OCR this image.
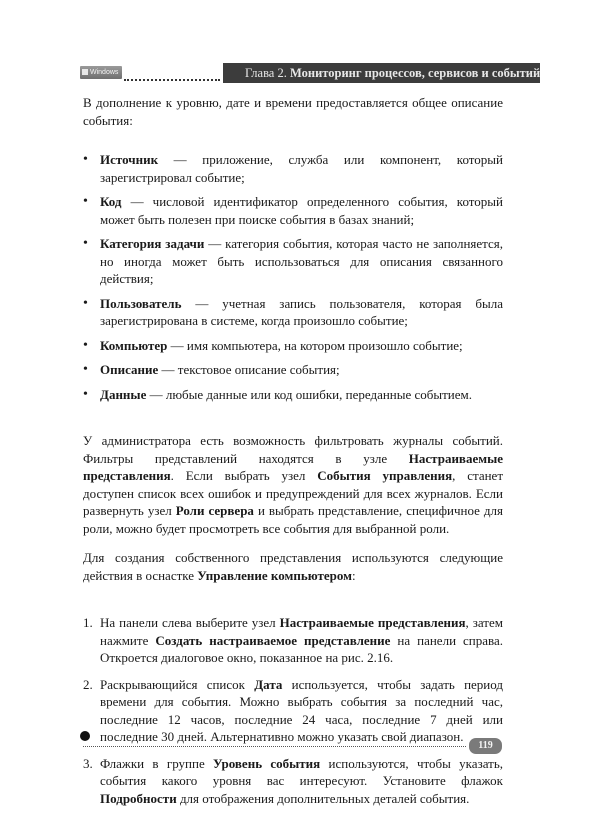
Windows	Глава 2. Мониторинг процессов, сервисов и событий

В дополнение к уровню, дате и времени предоставляется общее описание события:

• Источник — приложение, служба или компонент, который зарегистрировал событие;
• Код — числовой идентификатор определенного события, который может быть полезен при поиске события в базах знаний;
• Категория задачи — категория события, которая часто не заполняется, но иногда может быть использоваться для описания связанного действия;
• Пользователь — учетная запись пользователя, которая была зарегистрирована в системе, когда произошло событие;
• Компьютер — имя компьютера, на котором произошло событие;
• Описание — текстовое описание события;
• Данные — любые данные или код ошибки, переданные событием.

У администратора есть возможность фильтровать журналы событий. Фильтры представлений находятся в узле Настраиваемые представления. Если выбрать узел События управления, станет доступен список всех ошибок и предупреждений для всех журналов. Если развернуть узел Роли сервера и выбрать представление, специфичное для роли, можно будет просмотреть все события для выбранной роли.

Для создания собственного представления используются следующие действия в оснастке Управление компьютером:

1. На панели слева выберите узел Настраиваемые представления, затем нажмите Создать настраиваемое представление на панели справа. Откроется диалоговое окно, показанное на рис. 2.16.
2. Раскрывающийся список Дата используется, чтобы задать период времени для события. Можно выбрать события за последний час, последние 12 часов, последние 24 часа, последние 7 дней или последние 30 дней. Альтернативно можно указать свой диапазон.
3. Флажки в группе Уровень события используются, чтобы указать, события какого уровня вас интересуют. Установите флажок Подробности для отображения дополнительных деталей события.
119
